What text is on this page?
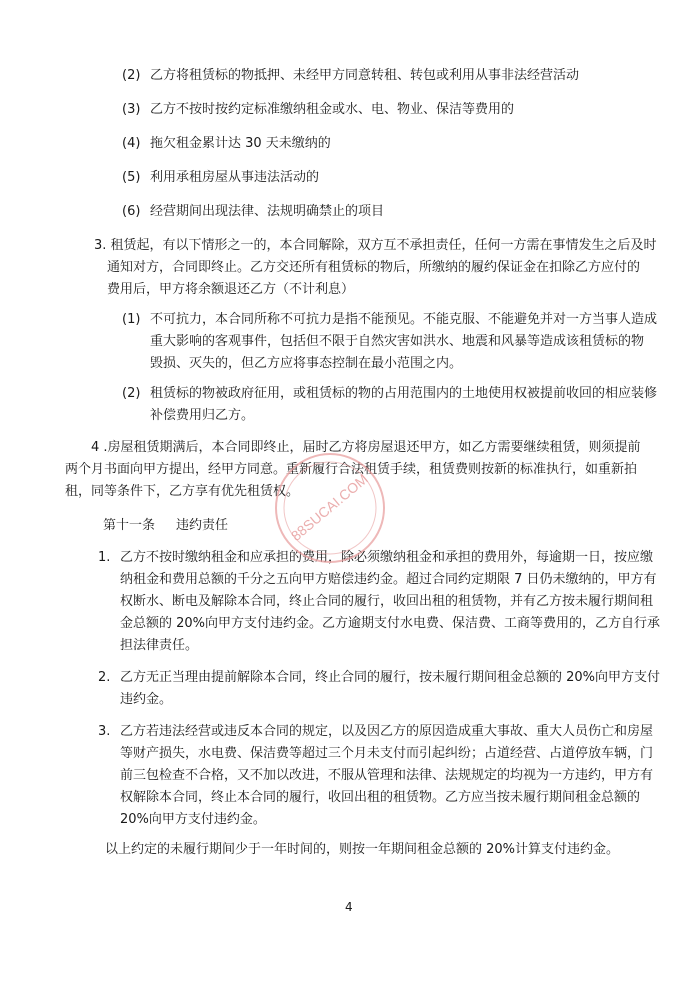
(2) 乙方将租赁标的物抵押、未经甲方同意转租、转包或利用从事非法经营活动
(3) 乙方不按时按约定标准缴纳租金或水、电、物业、保洁等费用的
(4) 拖欠租金累计达 30 天未缴纳的
(5) 利用承租房屋从事违法活动的
(6) 经营期间出现法律、法规明确禁止的项目
3. 租赁起，有以下情形之一的，本合同解除，双方互不承担责任，任何一方需在事情发生之后及时
通知对方，合同即终止。乙方交还所有租赁标的物后，所缴纳的履约保证金在扣除乙方应付的
费用后，甲方将余额退还乙方（不计利息）
(1) 不可抗力，本合同所称不可抗力是指不能预见。不能克服、不能避免并对一方当事人造成
重大影响的客观事件，包括但不限于自然灾害如洪水、地震和风暴等造成该租赁标的物
毁损、灭失的，但乙方应将事态控制在最小范围之内。
(2) 租赁标的物被政府征用，或租赁标的物的占用范围内的土地使用权被提前收回的相应装修
补偿费用归乙方。
4 .房屋租赁期满后，本合同即终止，届时乙方将房屋退还甲方，如乙方需要继续租赁，则须提前
两个月书面向甲方提出，经甲方同意。重新履行合法租赁手续，租赁费则按新的标准执行，如重新拍
租，同等条件下，乙方享有优先租赁权。
第十一条 违约责任
1. 乙方不按时缴纳租金和应承担的费用，除必须缴纳租金和承担的费用外，每逾期一日，按应缴
纳租金和费用总额的千分之五向甲方赔偿违约金。超过合同约定期限 7 日仍未缴纳的，甲方有
权断水、断电及解除本合同，终止合同的履行，收回出租的租赁物，并有乙方按未履行期间租
金总额的 20%向甲方支付违约金。乙方逾期支付水电费、保洁费、工商等费用的，乙方自行承
担法律责任。
2. 乙方无正当理由提前解除本合同，终止合同的履行，按未履行期间租金总额的 20%向甲方支付
违约金。
3. 乙方若违法经营或违反本合同的规定，以及因乙方的原因造成重大事故、重大人员伤亡和房屋
等财产损失，水电费、保洁费等超过三个月未支付而引起纠纷；占道经营、占道停放车辆，门
前三包检查不合格，又不加以改进，不服从管理和法律、法规规定的均视为一方违约，甲方有
权解除本合同，终止本合同的履行，收回出租的租赁物。乙方应当按未履行期间租金总额的
20%向甲方支付违约金。
以上约定的未履行期间少于一年时间的，则按一年期间租金总额的 20%计算支付违约金。
4
88SUCAI.COM
